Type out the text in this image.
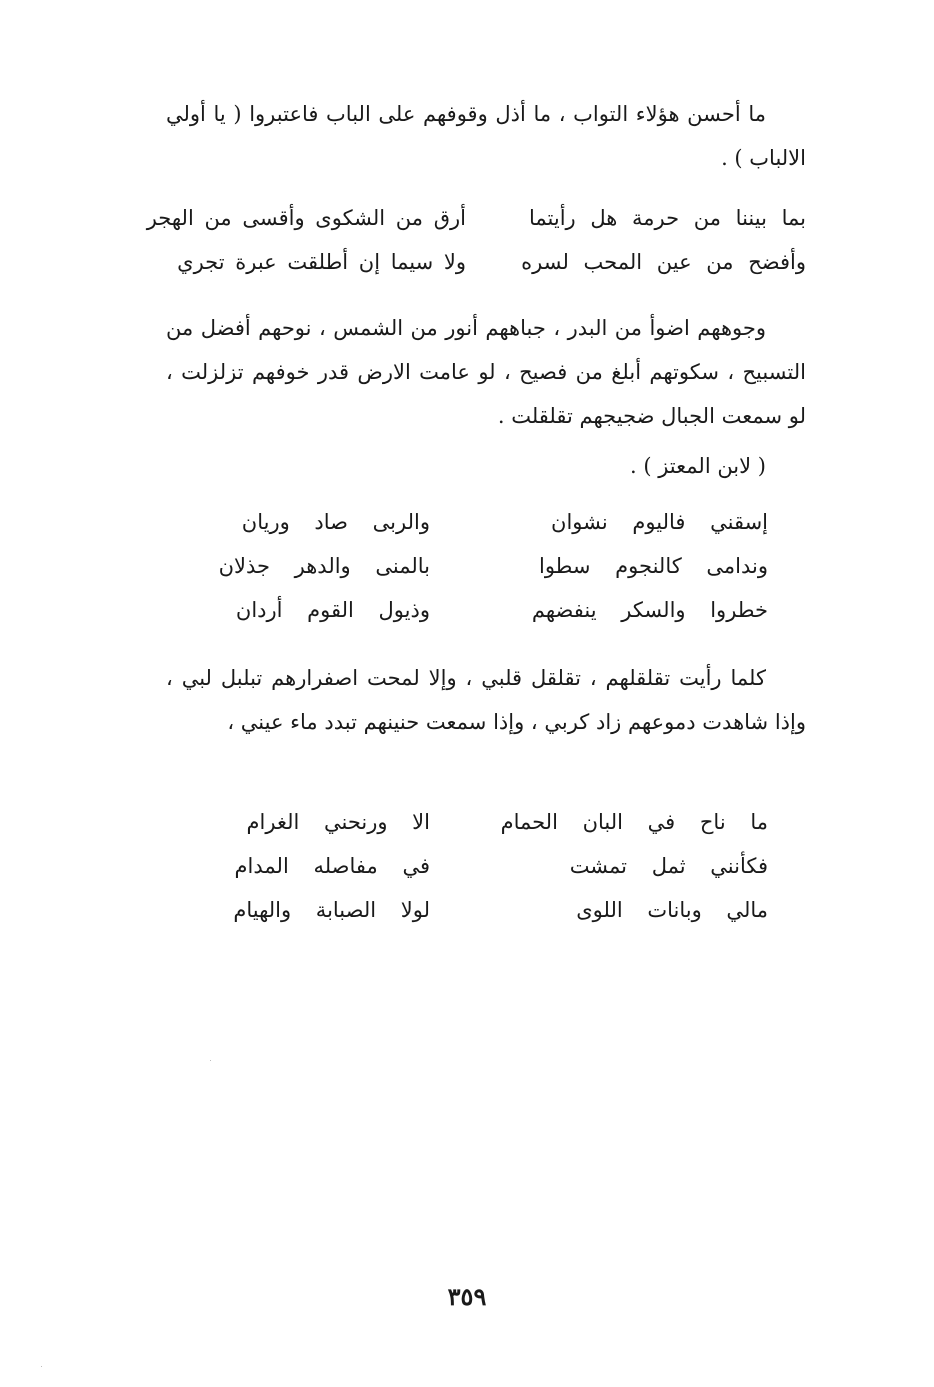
ما أحسن هؤلاء التواب ، ما أذل وقوفهم على الباب فاعتبروا ( يا أولي الالباب ) .

بما بيننا من حرمة هل رأيتما
أرق من الشكوى وأقسى من الهجر
وأفضح من عين المحب لسره
ولا سيما إن أطلقت عبرة تجري

وجوههم اضوأ من البدر ، جباههم أنور من الشمس ، نوحهم أفضل من التسبيح ، سكوتهم أبلغ من فصيح ، لو عامت الارض قدر خوفهم تزلزلت ، لو سمعت الجبال ضجيجهم تقلقلت .

( لابن المعتز ) .
إسقني فاليوم نشوان
والربى صاد وريان
وندامى كالنجوم سطوا
بالمنى والدهر جذلان
خطروا والسكر ينفضهم
وذيول القوم أردان

كلما رأيت تقلقلهم ، تقلقل قلبي ، وإلا لمحت اصفرارهم تبلبل لبي ، وإذا شاهدت دموعهم زاد كربي ، وإذا سمعت حنينهم تبدد ماء عيني ،

ما ناح في البان الحمام
الا ورنحني الغرام
فكأنني ثمل تمشت
في مفاصله المدام
مالي وبانات اللوى
لولا الصبابة والهيام
٣٥٩
